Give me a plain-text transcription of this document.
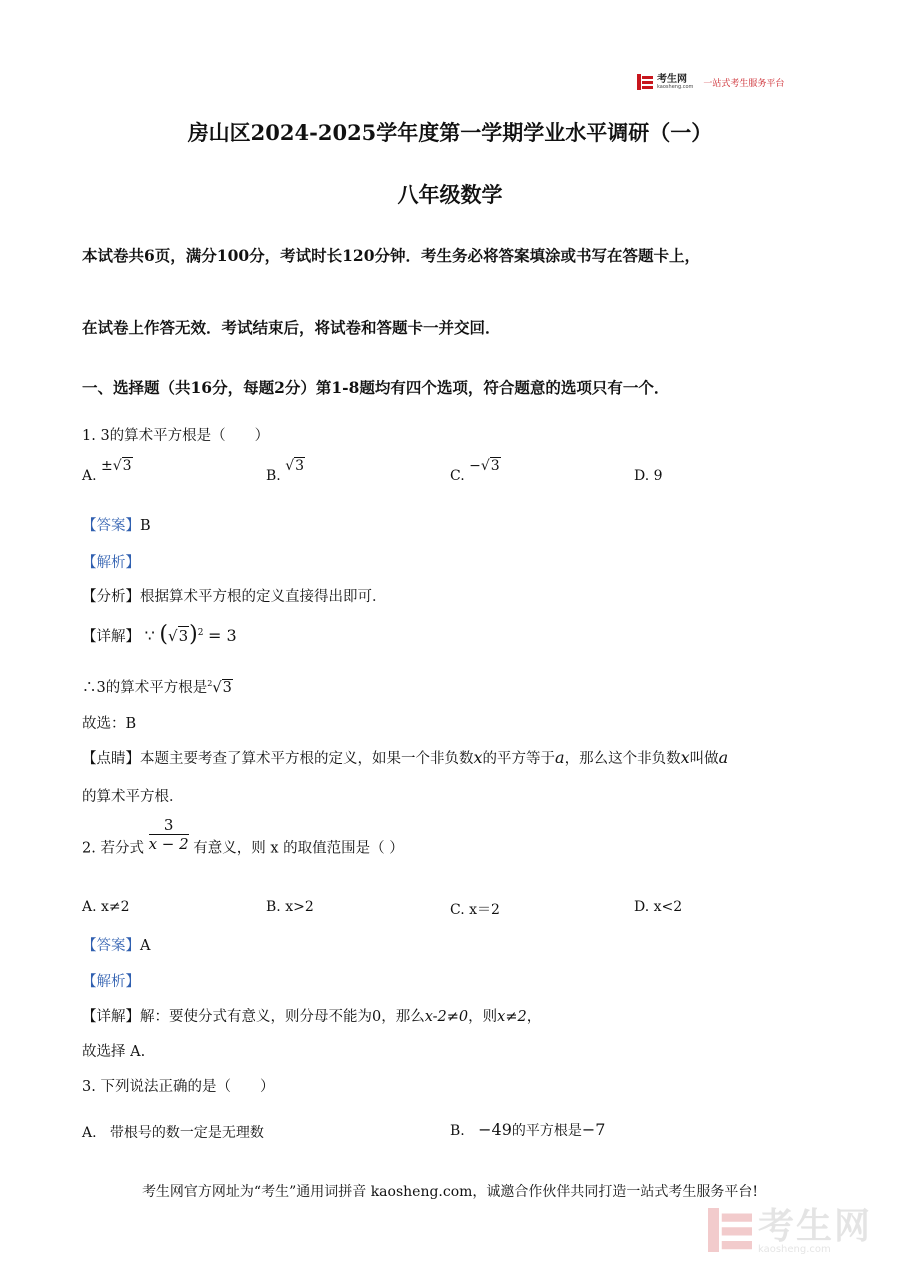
考生网
kaosheng.com 一站式考生服务平台
房山区2024-2025学年度第一学期学业水平调研（一）
八年级数学
本试卷共6页，满分100分，考试时长120分钟．考生务必将答案填涂或书写在答题卡上，
在试卷上作答无效．考试结束后，将试卷和答题卡一并交回．
一、选择题（共16分，每题2分）第1-8题均有四个选项，符合题意的选项只有一个．
1. 3的算术平方根是（　　）
A. ±√3
B. √3
C. −√3
D. 9
【答案】B
【解析】
【分析】根据算术平方根的定义直接得出即可．
【详解】 ∵ $(√3)^2 = 3$
∴3的算术平方根是$^2$√3
故选：B
【点睛】本题主要考查了算术平方根的定义，如果一个非负数x的平方等于a，那么这个非负数x叫做a
的算术平方根．
2. 若分式 $\frac{3}{x - 2}$ 有意义，则 x 的取值范围是（ ）
A. x≠2	B. x>2	C. x＝2	D. x<2
【答案】A
【解析】
【详解】解：要使分式有意义，则分母不能为0，那么x-2≠0，则x≠2，
故选择 A.
3. 下列说法正确的是（　　）
A. 带根号的数一定是无理数	B. −49的平方根是−7
考生网官方网址为“考生”通用词拼音 kaosheng.com，诚邀合作伙伴共同打造一站式考生服务平台!
考生网
kaosheng.com
